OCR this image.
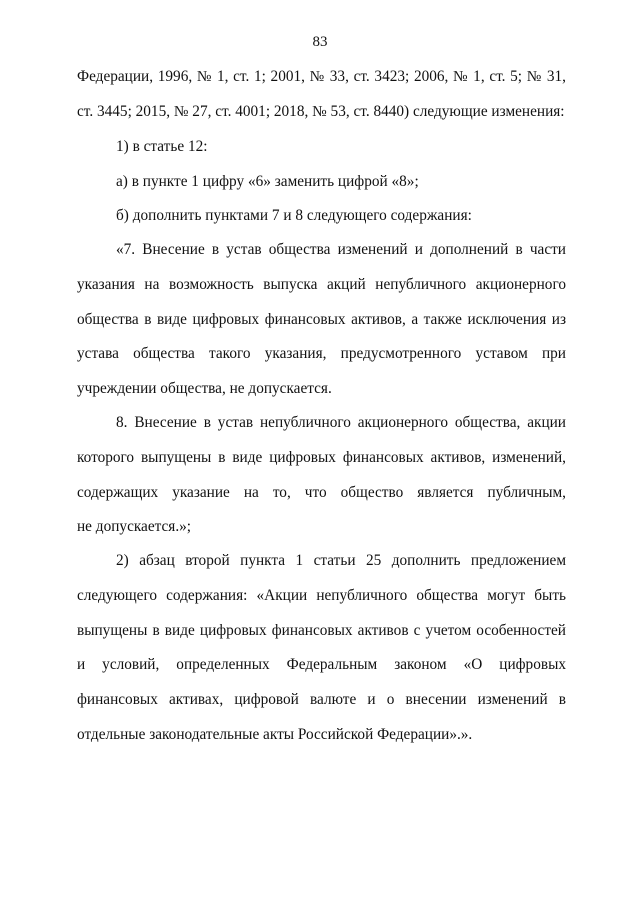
83
Федерации, 1996, № 1, ст. 1; 2001, № 33, ст. 3423; 2006, № 1, ст. 5; № 31,
ст. 3445; 2015, № 27, ст. 4001; 2018, № 53, ст. 8440) следующие изменения:
1) в статье 12:
а) в пункте 1 цифру «6» заменить цифрой «8»;
б) дополнить пунктами 7 и 8 следующего содержания:
«7. Внесение в устав общества изменений и дополнений в части
указания на возможность выпуска акций непубличного акционерного
общества в виде цифровых финансовых активов, а также исключения из
устава общества такого указания, предусмотренного уставом при
учреждении общества, не допускается.
8. Внесение в устав непубличного акционерного общества, акции
которого выпущены в виде цифровых финансовых активов, изменений,
содержащих указание на то, что общество является публичным,
не допускается.»;
2) абзац второй пункта 1 статьи 25 дополнить предложением
следующего содержания: «Акции непубличного общества могут быть
выпущены в виде цифровых финансовых активов с учетом особенностей
и условий, определенных Федеральным законом «О цифровых
финансовых активах, цифровой валюте и о внесении изменений в
отдельные законодательные акты Российской Федерации».».
